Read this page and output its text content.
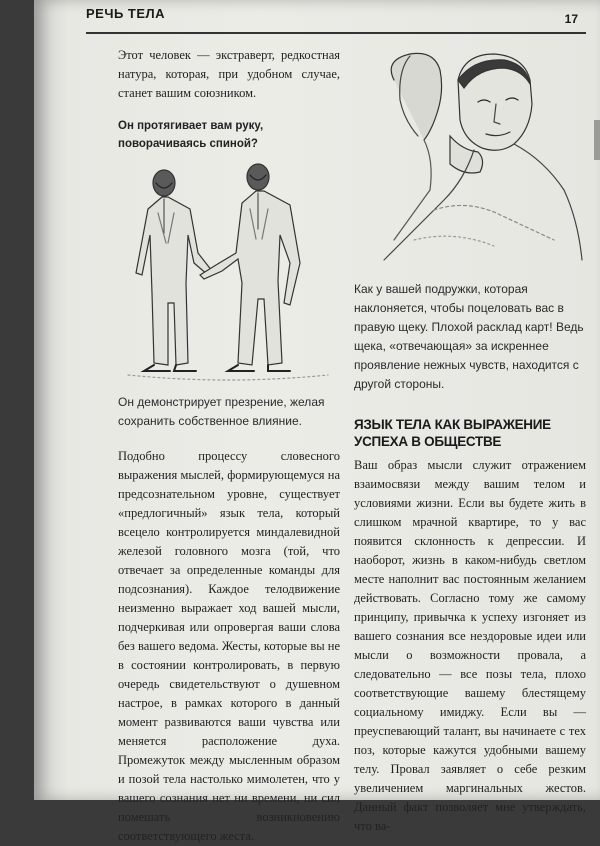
РЕЧЬ ТЕЛА	17

Этот человек — экстраверт, редкостная натура, которая, при удобном случае, станет вашим союзником.

Он протягивает вам руку, поворачиваясь спиной?

Он демонстрирует презрение, желая сохранить собственное влияние.

Подобно процессу словесного выражения мыслей, формирующемуся на предсознательном уровне, существует «предлогичный» язык тела, который всецело контролируется миндалевидной железой головного мозга (той, что отвечает за определенные команды для подсознания). Каждое телодвижение неизменно выражает ход вашей мысли, подчеркивая или опровергая ваши слова без вашего ведома. Жесты, которые вы не в состоянии контролировать, в первую очередь свидетельствуют о душевном настрое, в рамках которого в данный момент развиваются ваши чувства или меняется расположение духа. Промежуток между мысленным образом и позой тела настолько мимолетен, что у вашего сознания нет ни времени, ни сил помешать возникновению соответствующего жеста.

Как у вашей подружки, которая наклоняется, чтобы поцеловать вас в правую щеку. Плохой расклад карт! Ведь щека, «отвечающая» за искреннее проявление нежных чувств, находится с другой стороны.

ЯЗЫК ТЕЛА КАК ВЫРАЖЕНИЕ УСПЕХА В ОБЩЕСТВЕ

Ваш образ мысли служит отражением взаимосвязи между вашим телом и условиями жизни. Если вы будете жить в слишком мрачной квартире, то у вас появится склонность к депрессии. И наоборот, жизнь в каком-нибудь светлом месте наполнит вас постоянным желанием действовать. Согласно тому же самому принципу, привычка к успеху изгоняет из вашего сознания все нездоровые идеи или мысли о возможности провала, а следовательно — все позы тела, плохо соответствующие вашему блестящему социальному имиджу. Если вы — преуспевающий талант, вы начинаете с тех поз, которые кажутся удобными вашему телу. Провал заявляет о себе резким увеличением маргинальных жестов. Данный факт позволяет мне утверждать, что ва-
